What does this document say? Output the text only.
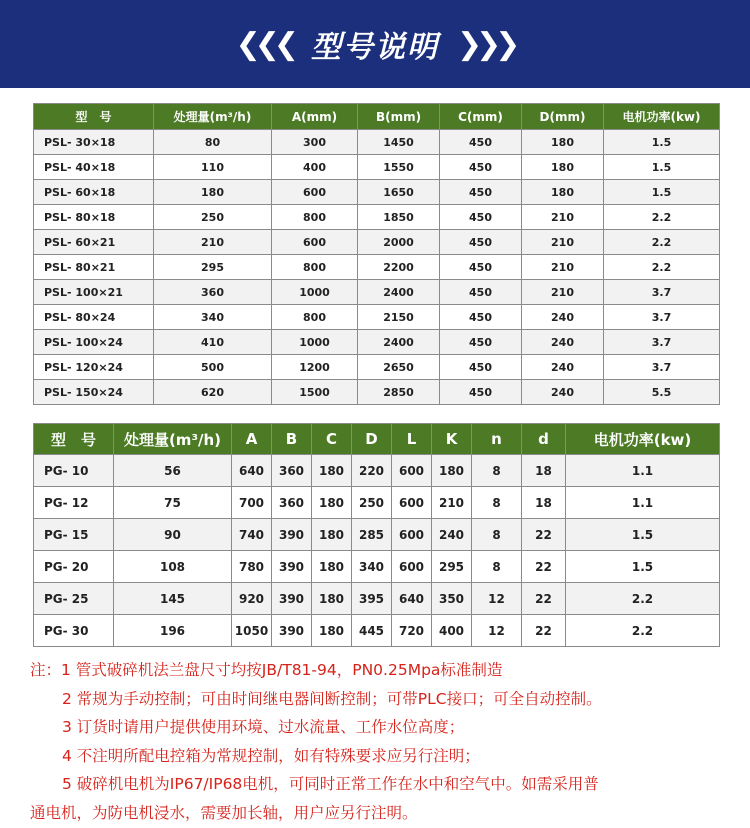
❮❮❮ 型号说明 ❯❯❯
型　号	处理量(m³/h)	A(mm)	B(mm)	C(mm)	D(mm)	电机功率(kw)
PSL- 30×18	80	300	1450	450	180	1.5
PSL- 40×18	110	400	1550	450	180	1.5
PSL- 60×18	180	600	1650	450	180	1.5
PSL- 80×18	250	800	1850	450	210	2.2
PSL- 60×21	210	600	2000	450	210	2.2
PSL- 80×21	295	800	2200	450	210	2.2
PSL- 100×21	360	1000	2400	450	210	3.7
PSL- 80×24	340	800	2150	450	240	3.7
PSL- 100×24	410	1000	2400	450	240	3.7
PSL- 120×24	500	1200	2650	450	240	3.7
PSL- 150×24	620	1500	2850	450	240	5.5
型　号	处理量(m³/h)	A	B	C	D	L	K	n	d	电机功率(kw)
PG- 10	56	640	360	180	220	600	180	8	18	1.1
PG- 12	75	700	360	180	250	600	210	8	18	1.1
PG- 15	90	740	390	180	285	600	240	8	22	1.5
PG- 20	108	780	390	180	340	600	295	8	22	1.5
PG- 25	145	920	390	180	395	640	350	12	22	2.2
PG- 30	196	1050	390	180	445	720	400	12	22	2.2
注：1 管式破碎机法兰盘尺寸均按JB/T81-94，PN0.25Mpa标准制造
2 常规为手动控制；可由时间继电器间断控制；可带PLC接口；可全自动控制。
3 订货时请用户提供使用环境、过水流量、工作水位高度；
4 不注明所配电控箱为常规控制，如有特殊要求应另行注明；
5 破碎机电机为IP67/IP68电机，可同时正常工作在水中和空气中。如需采用普
通电机，为防电机浸水，需要加长轴，用户应另行注明。
